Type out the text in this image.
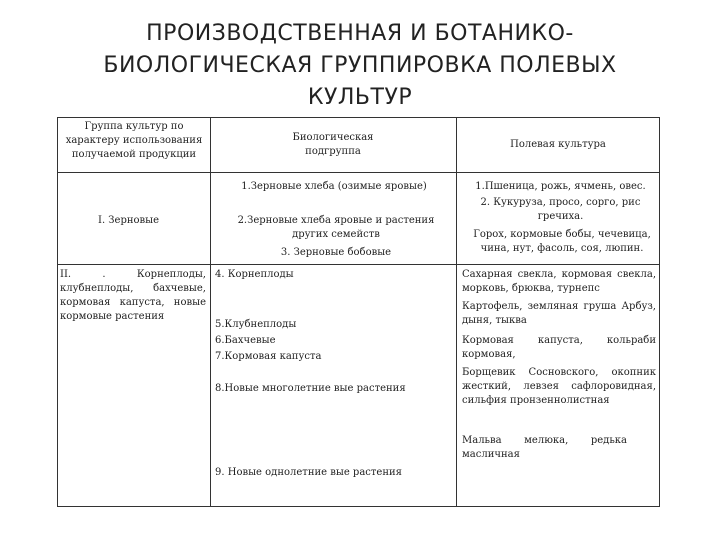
ПРОИЗВОДСТВЕННАЯ И БОТАНИКО-
БИОЛОГИЧЕСКАЯ ГРУППИРОВКА ПОЛЕВЫХ
КУЛЬТУР
Группа культур по характеру использования получаемой продукции
Биологическая подгруппа
Полевая культура
I. Зерновые
1.Зерновые хлеба (озимые яровые)
2.Зерновые хлеба яровые и растения других семейств
3. Зерновые бобовые
1.Пшеница, рожь, ячмень, овес.
2. Кукуруза, просо, сорго, рис гречиха.
Горох, кормовые бобы, чечевица, чина, нут, фасоль, соя, люпин.
II. . Корнеплоды, клубнеплоды, бахчевые, кормовая капуста, новые кормовые растения
4. Корнеплоды
5.Клубнеплоды
6.Бахчевые
7.Кормовая капуста
8.Новые многолетние вые растения
9. Новые однолетние вые растения
Сахарная свекла, кормовая свекла, морковь, брюква, турнепс
Картофель, земляная груша Арбуз, дыня, тыква
Кормовая капуста, кольраби кормовая,
Борщевик Сосновского, окопник жесткий, левзея сафлоровидная, сильфия пронзеннолистная
Мальва мелюка, редька масличная
